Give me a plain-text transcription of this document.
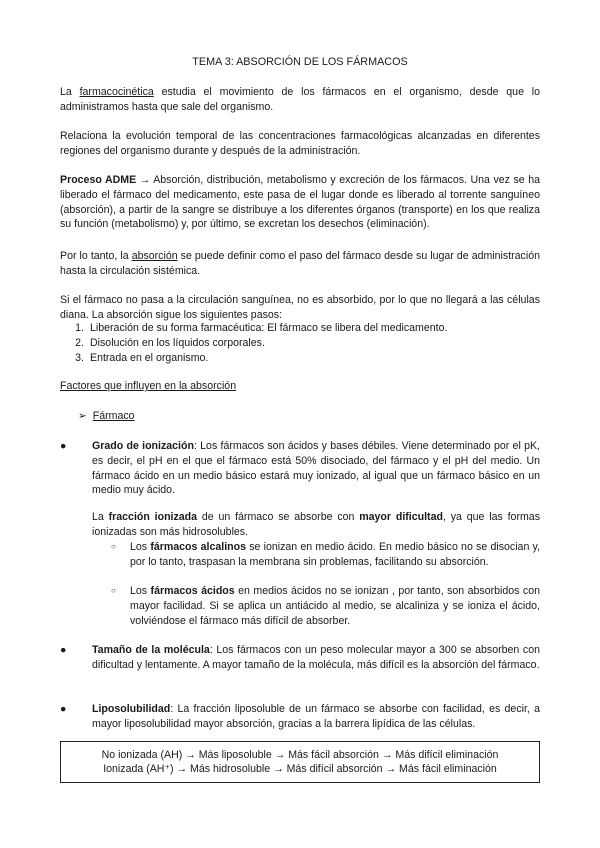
TEMA 3: ABSORCIÓN DE LOS FÁRMACOS
La farmacocinética estudia el movimiento de los fármacos en el organismo, desde que lo administramos hasta que sale del organismo.
Relaciona la evolución temporal de las concentraciones farmacológicas alcanzadas en diferentes regiones del organismo durante y después de la administración.
Proceso ADME → Absorción, distribución, metabolismo y excreción de los fármacos. Una vez se ha liberado el fármaco del medicamento, este pasa de el lugar donde es liberado al torrente sanguíneo (absorción), a partir de la sangre se distribuye a los diferentes órganos (transporte) en los que realiza su función (metabolismo) y, por último, se excretan los desechos (eliminación).
Por lo tanto, la absorción se puede definir como el paso del fármaco desde su lugar de administración hasta la circulación sistémica.
Si el fármaco no pasa a la circulación sanguínea, no es absorbido, por lo que no llegará a las células diana. La absorción sigue los siguientes pasos:
1. Liberación de su forma farmacéutica: El fármaco se libera del medicamento.
2. Disolución en los líquidos corporales.
3. Entrada en el organismo.
Factores que influyen en la absorción
➢ Fármaco
● Grado de ionización: Los fármacos son ácidos y bases débiles. Viene determinado por el pK, es decir, el pH en el que el fármaco está 50% disociado, del fármaco y el pH del medio. Un fármaco ácido en un medio básico estará muy ionizado, al igual que un fármaco básico en un medio muy ácido.
La fracción ionizada de un fármaco se absorbe con mayor dificultad, ya que las formas ionizadas son más hidrosolubles.
○ Los fármacos alcalinos se ionizan en medio ácido. En medio básico no se disocian y, por lo tanto, traspasan la membrana sin problemas, facilitando su absorción.
○ Los fármacos ácidos en medios ácidos no se ionizan , por tanto, son absorbidos con mayor facilidad. Si se aplica un antiácido al medio, se alcaliniza y se ioniza el ácido, volviéndose el fármaco más difícil de absorber.
● Tamaño de la molécula: Los fármacos con un peso molecular mayor a 300 se absorben con dificultad y lentamente. A mayor tamaño de la molécula, más difícil es la absorción del fármaco.
● Liposolubilidad: La fracción liposoluble de un fármaco se absorbe con facilidad, es decir, a mayor liposolubilidad mayor absorción, gracias a la barrera lipídica de las células.
No ionizada (AH) → Más liposoluble → Más fácil absorción → Más difícil eliminación
Ionizada (AH⁺) → Más hidrosoluble → Más difícil absorción → Más fácil eliminación
